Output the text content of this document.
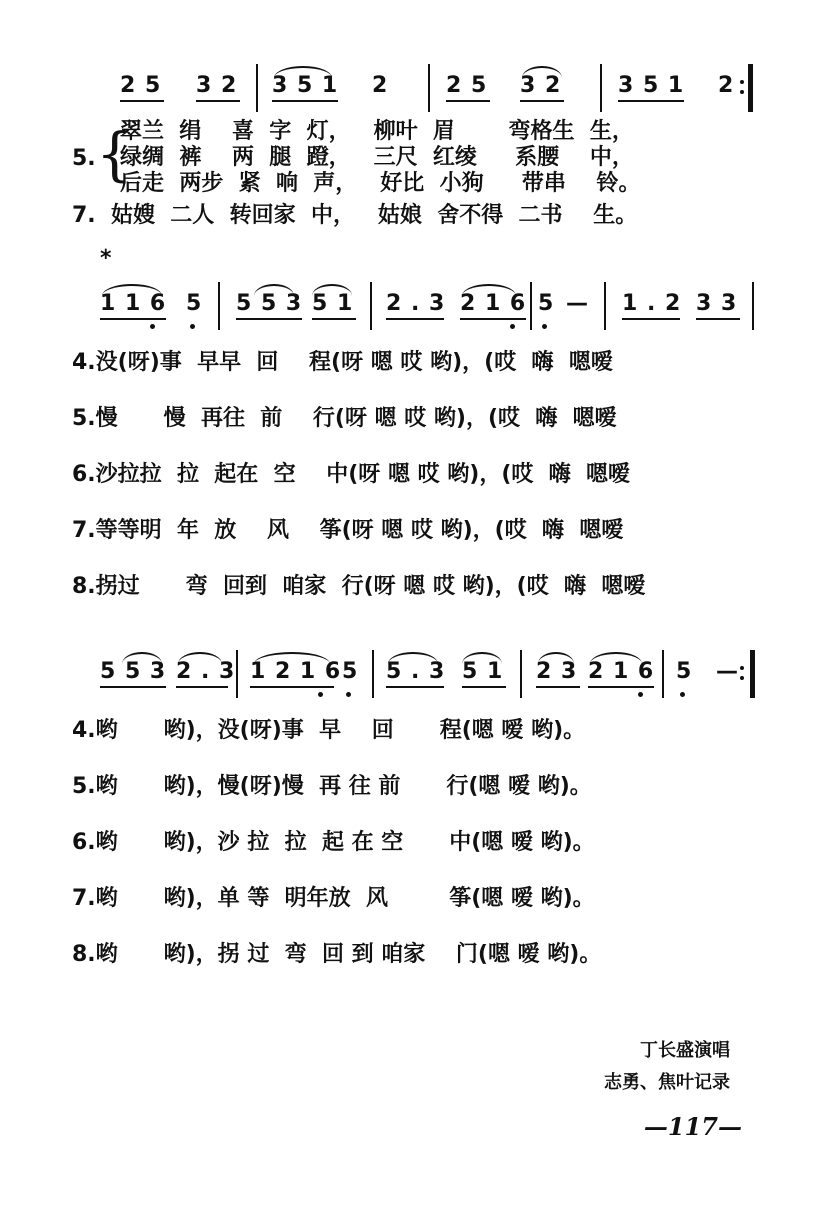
2 5 3 2 3 5 1 2	2 5 3 2	3 5 1 2
5. {
翠兰  绢    喜  字  灯，   柳叶  眉       弯格生  生，
绿绸  裤    两  腿  蹬，   三尺  红绫     系腰    中，
后走  两步  紧  响  声，   好比  小狗     带串    铃。
7.  姑嫂  二人  转回家  中，   姑娘  舍不得  二书    生。
*
1 1 6 5 5 5 3 5 1 2 . 3 2 1 6 5 — 1 . 2 3 3
4.没(呀)事  早早  回    程(呀 嗯 哎 哟)，(哎  嗨  嗯嗳
5.慢      慢  再往  前    行(呀 嗯 哎 哟)，(哎  嗨  嗯嗳
6.沙拉拉  拉  起在  空    中(呀 嗯 哎 哟)，(哎  嗨  嗯嗳
7.等等明  年  放    风    筝(呀 嗯 哎 哟)，(哎  嗨  嗯嗳
8.拐过      弯  回到  咱家  行(呀 嗯 哎 哟)，(哎  嗨  嗯嗳
5 5 3 2 . 3 1 2 1 6 5 5 . 3 5 1 2 3 2 1 6 5 —
4.哟      哟)，没(呀)事  早    回      程(嗯 嗳 哟)。
5.哟      哟)，慢(呀)慢  再 往 前      行(嗯 嗳 哟)。
6.哟      哟)，沙 拉  拉  起 在 空      中(嗯 嗳 哟)。
7.哟      哟)，单 等  明年放  风        筝(嗯 嗳 哟)。
8.哟      哟)，拐 过  弯  回 到 咱家    门(嗯 嗳 哟)。
丁长盛演唱
志勇、焦叶记录
—117—
